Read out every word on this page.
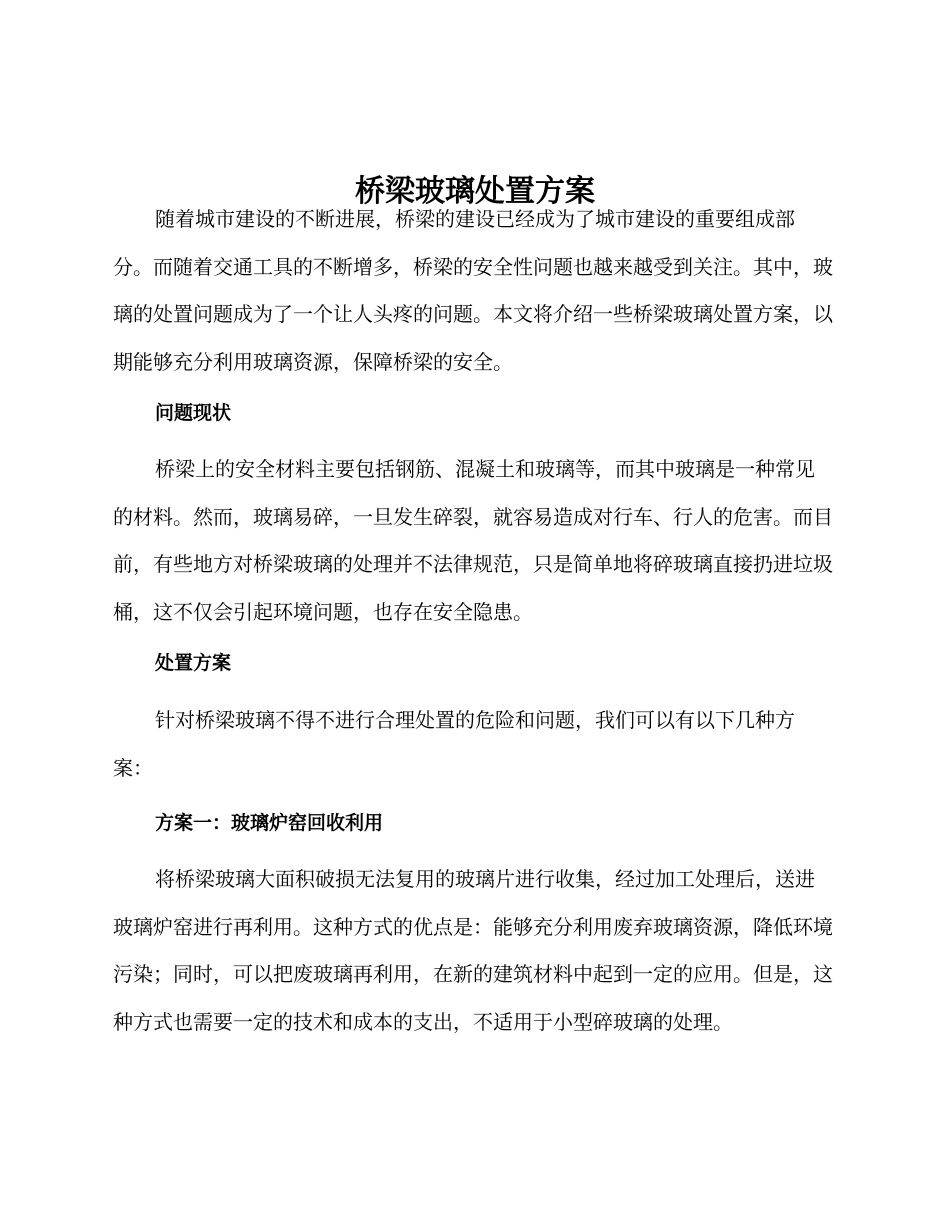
桥梁玻璃处置方案

随着城市建设的不断进展，桥梁的建设已经成为了城市建设的重要组成部分。而随着交通工具的不断增多，桥梁的安全性问题也越来越受到关注。其中，玻璃的处置问题成为了一个让人头疼的问题。本文将介绍一些桥梁玻璃处置方案，以期能够充分利用玻璃资源，保障桥梁的安全。

问题现状

桥梁上的安全材料主要包括钢筋、混凝土和玻璃等，而其中玻璃是一种常见的材料。然而，玻璃易碎，一旦发生碎裂，就容易造成对行车、行人的危害。而目前，有些地方对桥梁玻璃的处理并不法律规范，只是简单地将碎玻璃直接扔进垃圾桶，这不仅会引起环境问题，也存在安全隐患。

处置方案

针对桥梁玻璃不得不进行合理处置的危险和问题，我们可以有以下几种方案：

方案一：玻璃炉窑回收利用

将桥梁玻璃大面积破损无法复用的玻璃片进行收集，经过加工处理后，送进玻璃炉窑进行再利用。这种方式的优点是：能够充分利用废弃玻璃资源，降低环境污染；同时，可以把废玻璃再利用，在新的建筑材料中起到一定的应用。但是，这种方式也需要一定的技术和成本的支出，不适用于小型碎玻璃的处理。
